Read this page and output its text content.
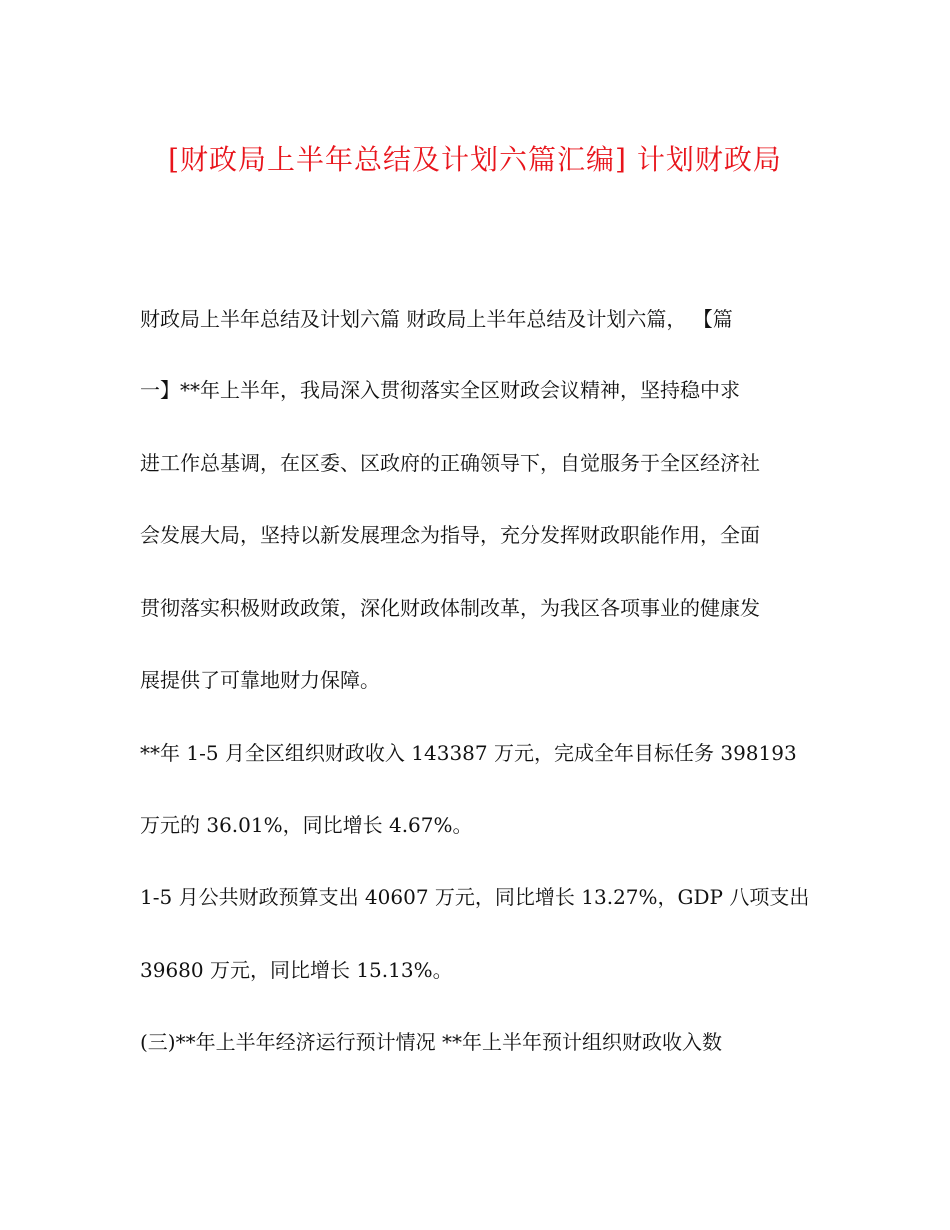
[财政局上半年总结及计划六篇汇编] 计划财政局
财政局上半年总结及计划六篇 财政局上半年总结及计划六篇， 【篇
一】**年上半年，我局深入贯彻落实全区财政会议精神，坚持稳中求
进工作总基调，在区委、区政府的正确领导下，自觉服务于全区经济社
会发展大局，坚持以新发展理念为指导，充分发挥财政职能作用，全面
贯彻落实积极财政政策，深化财政体制改革，为我区各项事业的健康发
展提供了可靠地财力保障。
**年 1-5 月全区组织财政收入 143387 万元，完成全年目标任务 398193
万元的 36.01%，同比增长 4.67%。
1-5 月公共财政预算支出 40607 万元，同比增长 13.27%，GDP 八项支出
39680 万元，同比增长 15.13%。
(三)**年上半年经济运行预计情况 **年上半年预计组织财政收入数
